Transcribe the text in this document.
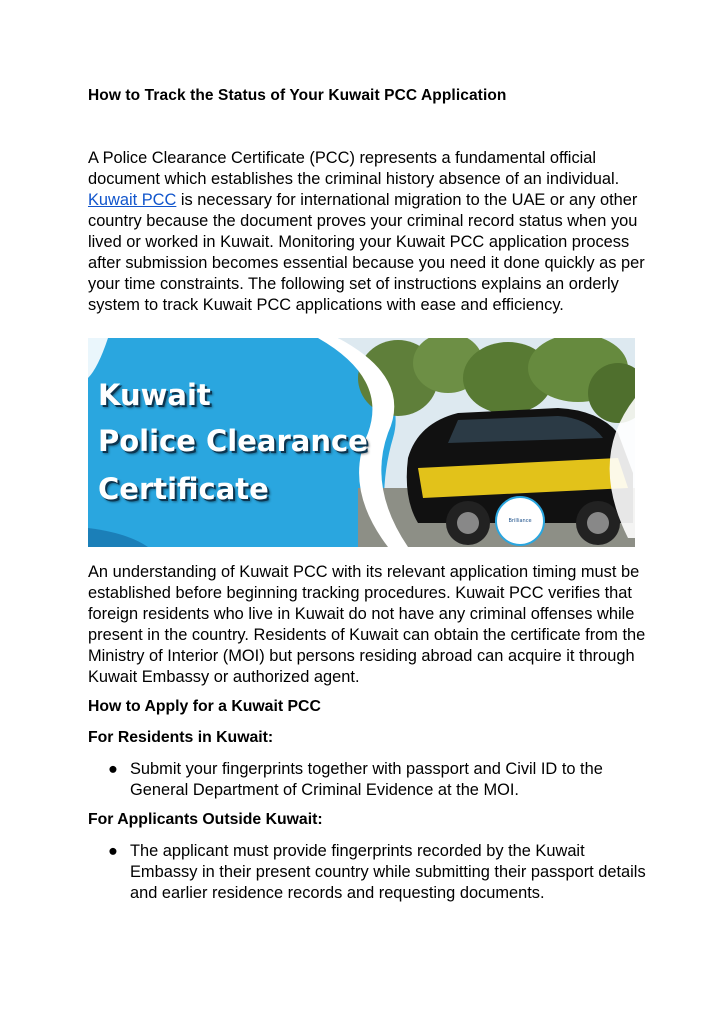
How to Track the Status of Your Kuwait PCC Application

A Police Clearance Certificate (PCC) represents a fundamental official document which establishes the criminal history absence of an individual. Kuwait PCC is necessary for international migration to the UAE or any other country because the document proves your criminal record status when you lived or worked in Kuwait. Monitoring your Kuwait PCC application process after submission becomes essential because you need it done quickly as per your time constraints. The following set of instructions explains an orderly system to track Kuwait PCC applications with ease and efficiency.

Kuwait
Police Clearance
Certificate
Brilliance

An understanding of Kuwait PCC with its relevant application timing must be established before beginning tracking procedures. Kuwait PCC verifies that foreign residents who live in Kuwait do not have any criminal offenses while present in the country. Residents of Kuwait can obtain the certificate from the Ministry of Interior (MOI) but persons residing abroad can acquire it through Kuwait Embassy or authorized agent.

How to Apply for a Kuwait PCC
For Residents in Kuwait:
● Submit your fingerprints together with passport and Civil ID to the General Department of Criminal Evidence at the MOI.
For Applicants Outside Kuwait:
● The applicant must provide fingerprints recorded by the Kuwait Embassy in their present country while submitting their passport details and earlier residence records and requesting documents.
